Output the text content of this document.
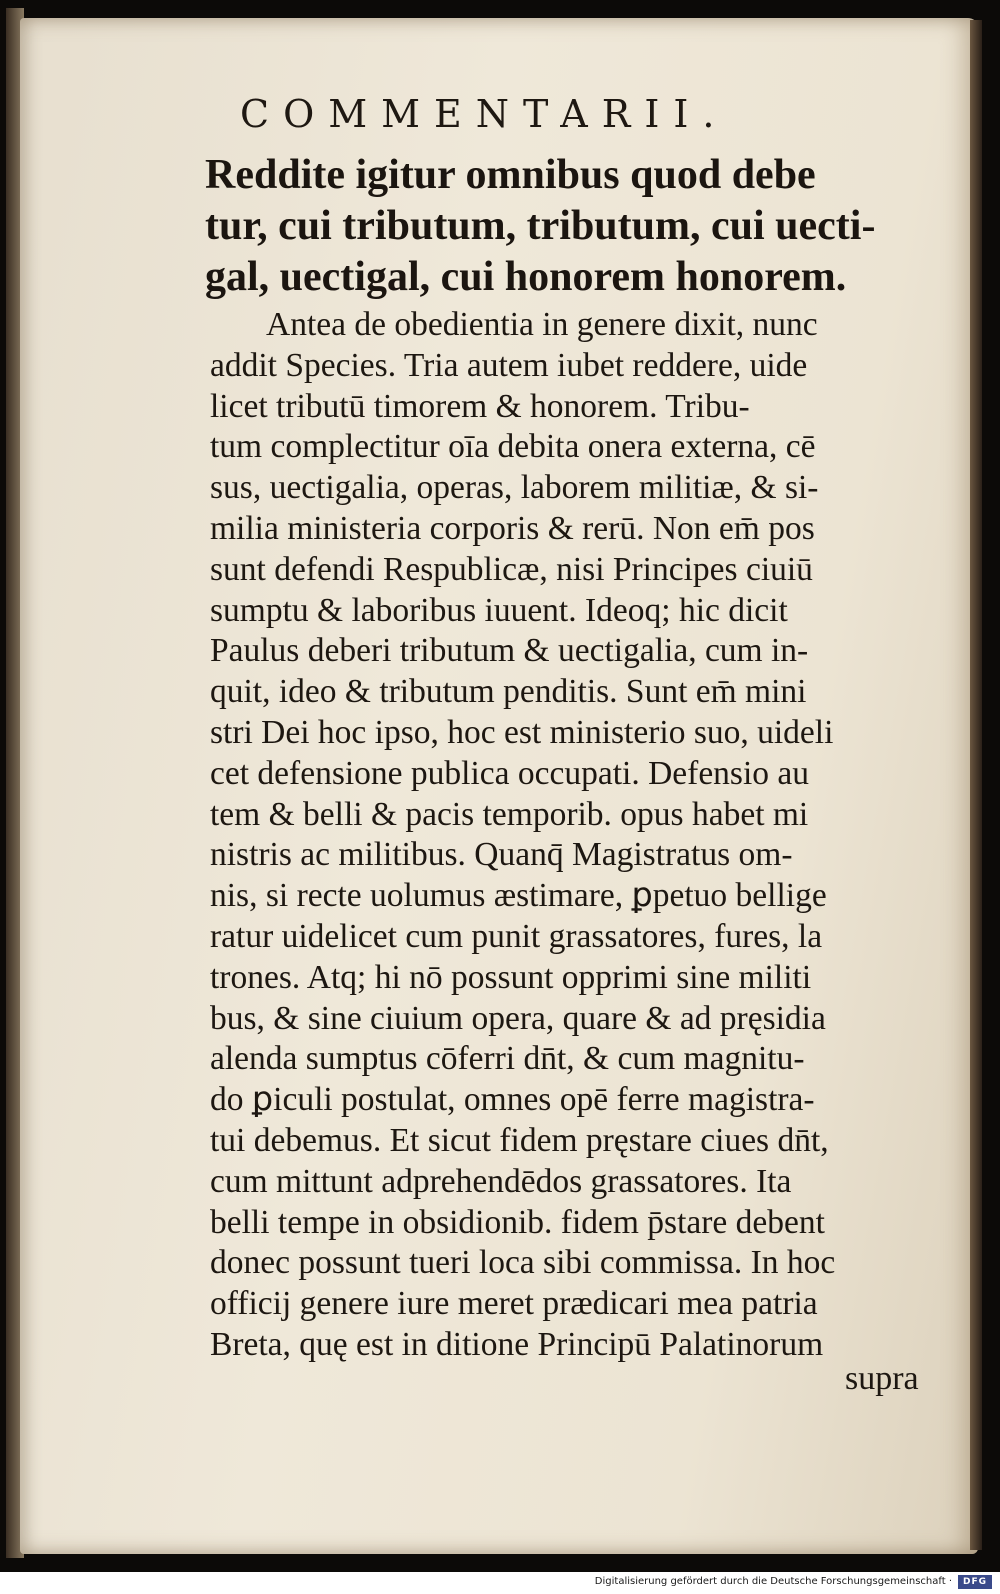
COMMENTARII.
Reddite igitur omnibus quod debe
tur, cui tributum, tributum, cui uecti-
gal, uectigal, cui honorem honorem.
Antea de obedientia in genere dixit, nunc
addit Species. Tria autem iubet reddere, uide
licet tributū timorem & honorem. Tribu-
tum complectitur oīa debita onera externa, cē
sus, uectigalia, operas, laborem militiæ, & si-
milia ministeria corporis & rerū. Non em̄ pos
sunt defendi Respublicæ, nisi Principes ciuiū
sumptu & laboribus iuuent. Ideoq; hic dicit
Paulus deberi tributum & uectigalia, cum in-
quit, ideo & tributum penditis. Sunt em̄ mini
stri Dei hoc ipso, hoc est ministerio suo, uideli
cet defensione publica occupati. Defensio au
tem & belli & pacis temporib. opus habet mi
nistris ac militibus. Quanq̄ Magistratus om-
nis, si recte uolumus æstimare, ꝑpetuo bellige
ratur uidelicet cum punit grassatores, fures, la
trones. Atq; hi nō possunt opprimi sine militi
bus, & sine ciuium opera, quare & ad pręsidia
alenda sumptus cōferri dn̄t, & cum magnitu-
do ꝑiculi postulat, omnes opē ferre magistra-
tui debemus. Et sicut fidem pręstare ciues dn̄t,
cum mittunt adprehendēdos grassatores. Ita
belli tempe in obsidionib. fidem p̄stare debent
donec possunt tueri loca sibi commissa. In hoc
officij genere iure meret prædicari mea patria
Breta, quę est in ditione Principū Palatinorum
supra
Digitalisierung gefördert durch die Deutsche Forschungsgemeinschaft ·	DFG
